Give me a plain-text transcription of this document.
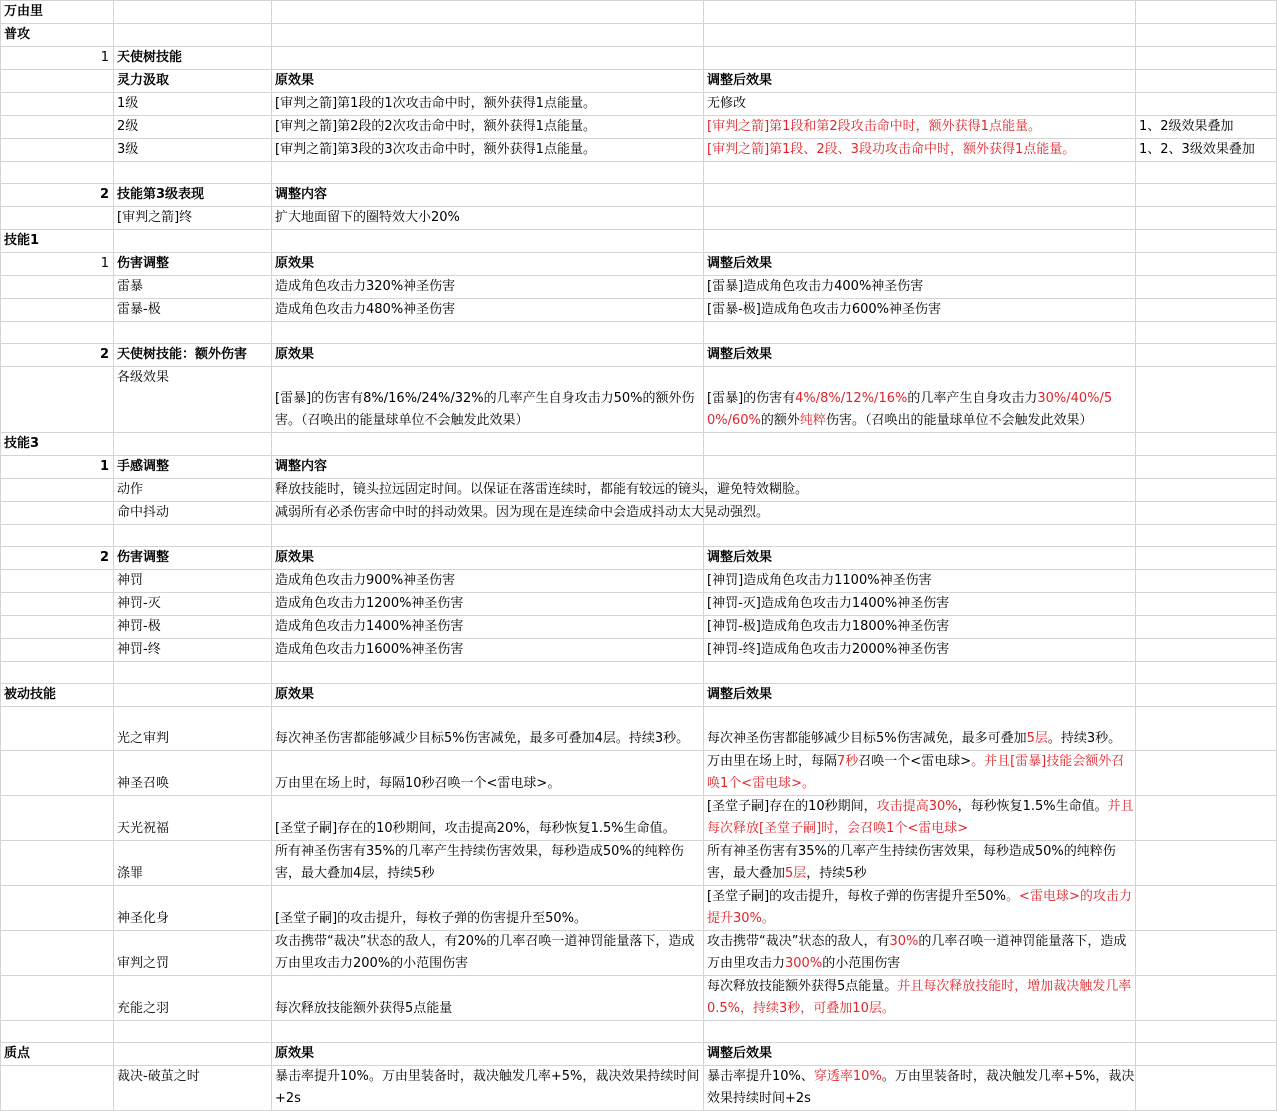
万由里				
普攻				
1	天使树技能			
	灵力汲取	原效果	调整后效果	
	1级	[审判之箭]第1段的1次攻击命中时，额外获得1点能量。	无修改	
	2级	[审判之箭]第2段的2次攻击命中时，额外获得1点能量。	[审判之箭]第1段和第2段攻击命中时，额外获得1点能量。	1、2级效果叠加
	3级	[审判之箭]第3段的3次攻击命中时，额外获得1点能量。	[审判之箭]第1段、2段、3段功攻击命中时，额外获得1点能量。	1、2、3级效果叠加

2	技能第3级表现	调整内容		
	[审判之箭]终	扩大地面留下的圈特效大小20%		
技能1				
1	伤害调整	原效果	调整后效果	
	雷暴	造成角色攻击力320%神圣伤害	[雷暴]造成角色攻击力400%神圣伤害	
	雷暴-极	造成角色攻击力480%神圣伤害	[雷暴-极]造成角色攻击力600%神圣伤害	

2	天使树技能：额外伤害	原效果	调整后效果	
	各级效果	[雷暴]的伤害有8%/16%/24%/32%的几率产生自身攻击力50%的额外伤害。（召唤出的能量球单位不会触发此效果）	[雷暴]的伤害有4%/8%/12%/16%的几率产生自身攻击力30%/40%/50%/60%的额外纯粹伤害。（召唤出的能量球单位不会触发此效果）	
技能3				
1	手感调整	调整内容		
	动作	释放技能时，镜头拉远固定时间。以保证在落雷连续时，都能有较远的镜头，避免特效糊脸。		
	命中抖动	减弱所有必杀伤害命中时的抖动效果。因为现在是连续命中会造成抖动太大晃动强烈。		

2	伤害调整	原效果	调整后效果	
	神罚	造成角色攻击力900%神圣伤害	[神罚]造成角色攻击力1100%神圣伤害	
	神罚-灭	造成角色攻击力1200%神圣伤害	[神罚-灭]造成角色攻击力1400%神圣伤害	
	神罚-极	造成角色攻击力1400%神圣伤害	[神罚-极]造成角色攻击力1800%神圣伤害	
	神罚-终	造成角色攻击力1600%神圣伤害	[神罚-终]造成角色攻击力2000%神圣伤害	

被动技能		原效果	调整后效果	
	光之审判	每次神圣伤害都能够减少目标5%伤害减免，最多可叠加4层。持续3秒。	每次神圣伤害都能够减少目标5%伤害减免，最多可叠加5层。持续3秒。	
	神圣召唤	万由里在场上时，每隔10秒召唤一个<雷电球>。	万由里在场上时，每隔7秒召唤一个<雷电球>。并且[雷暴]技能会额外召唤1个<雷电球>。	
	天光祝福	[圣堂子嗣]存在的10秒期间，攻击提高20%，每秒恢复1.5%生命值。	[圣堂子嗣]存在的10秒期间，攻击提高30%，每秒恢复1.5%生命值。并且每次释放[圣堂子嗣]时，会召唤1个<雷电球>	
	涤罪	所有神圣伤害有35%的几率产生持续伤害效果，每秒造成50%的纯粹伤害，最大叠加4层，持续5秒	所有神圣伤害有35%的几率产生持续伤害效果，每秒造成50%的纯粹伤害，最大叠加5层，持续5秒	
	神圣化身	[圣堂子嗣]的攻击提升，每枚子弹的伤害提升至50%。	[圣堂子嗣]的攻击提升，每枚子弹的伤害提升至50%。<雷电球>的攻击力提升30%。	
	审判之罚	攻击携带“裁决”状态的敌人，有20%的几率召唤一道神罚能量落下，造成万由里攻击力200%的小范围伤害	攻击携带“裁决”状态的敌人，有30%的几率召唤一道神罚能量落下，造成万由里攻击力300%的小范围伤害	
	充能之羽	每次释放技能额外获得5点能量	每次释放技能额外获得5点能量。并且每次释放技能时，增加裁决触发几率0.5%，持续3秒，可叠加10层。	

质点		原效果	调整后效果	
	裁决-破茧之时	暴击率提升10%。万由里装备时，裁决触发几率+5%，裁决效果持续时间+2s	暴击率提升10%、穿透率10%。万由里装备时，裁决触发几率+5%，裁决效果持续时间+2s	
